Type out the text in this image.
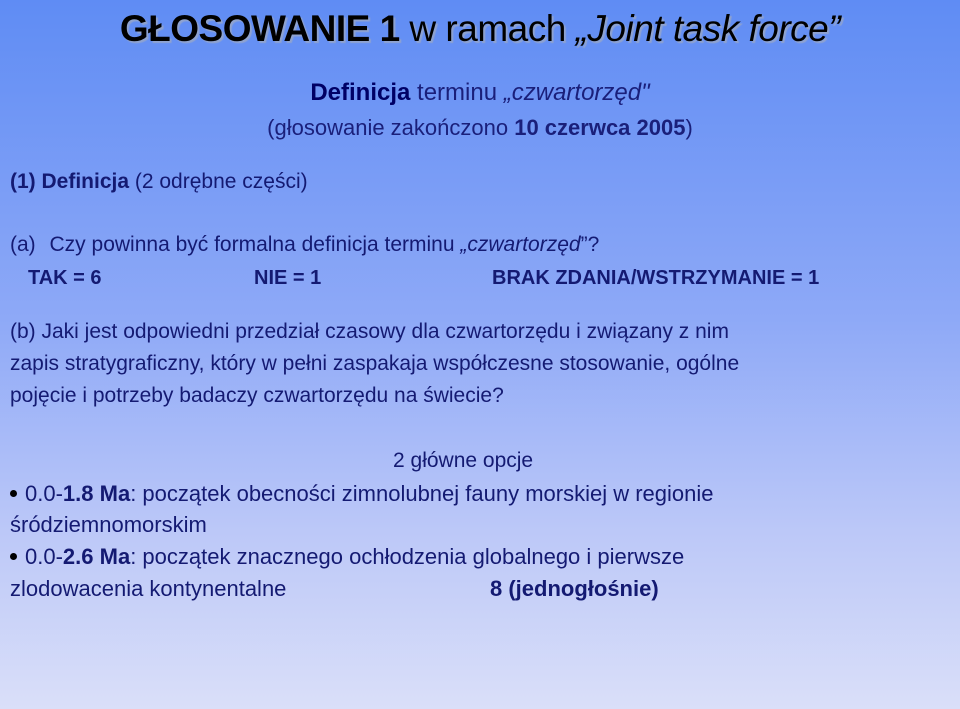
GŁOSOWANIE 1 w ramach „Joint task force”
Definicja terminu „czwartorzęd"
(głosowanie zakończono 10 czerwca 2005)
(1) Definicja (2 odrębne części)
(a) Czy powinna być formalna definicja terminu „czwartorzęd”?
TAK = 6	NIE = 1	BRAK ZDANIA/WSTRZYMANIE = 1
(b) Jaki jest odpowiedni przedział czasowy dla czwartorzędu i związany z nim
zapis stratygraficzny, który w pełni zaspakaja współczesne stosowanie, ogólne
pojęcie i potrzeby badaczy czwartorzędu na świecie?
2 główne opcje
0.0-1.8 Ma: początek obecności zimnolubnej fauny morskiej w regionie
śródziemnomorskim
0.0-2.6 Ma: początek znacznego ochłodzenia globalnego i pierwsze
zlodowacenia kontynentalne	8 (jednogłośnie)
